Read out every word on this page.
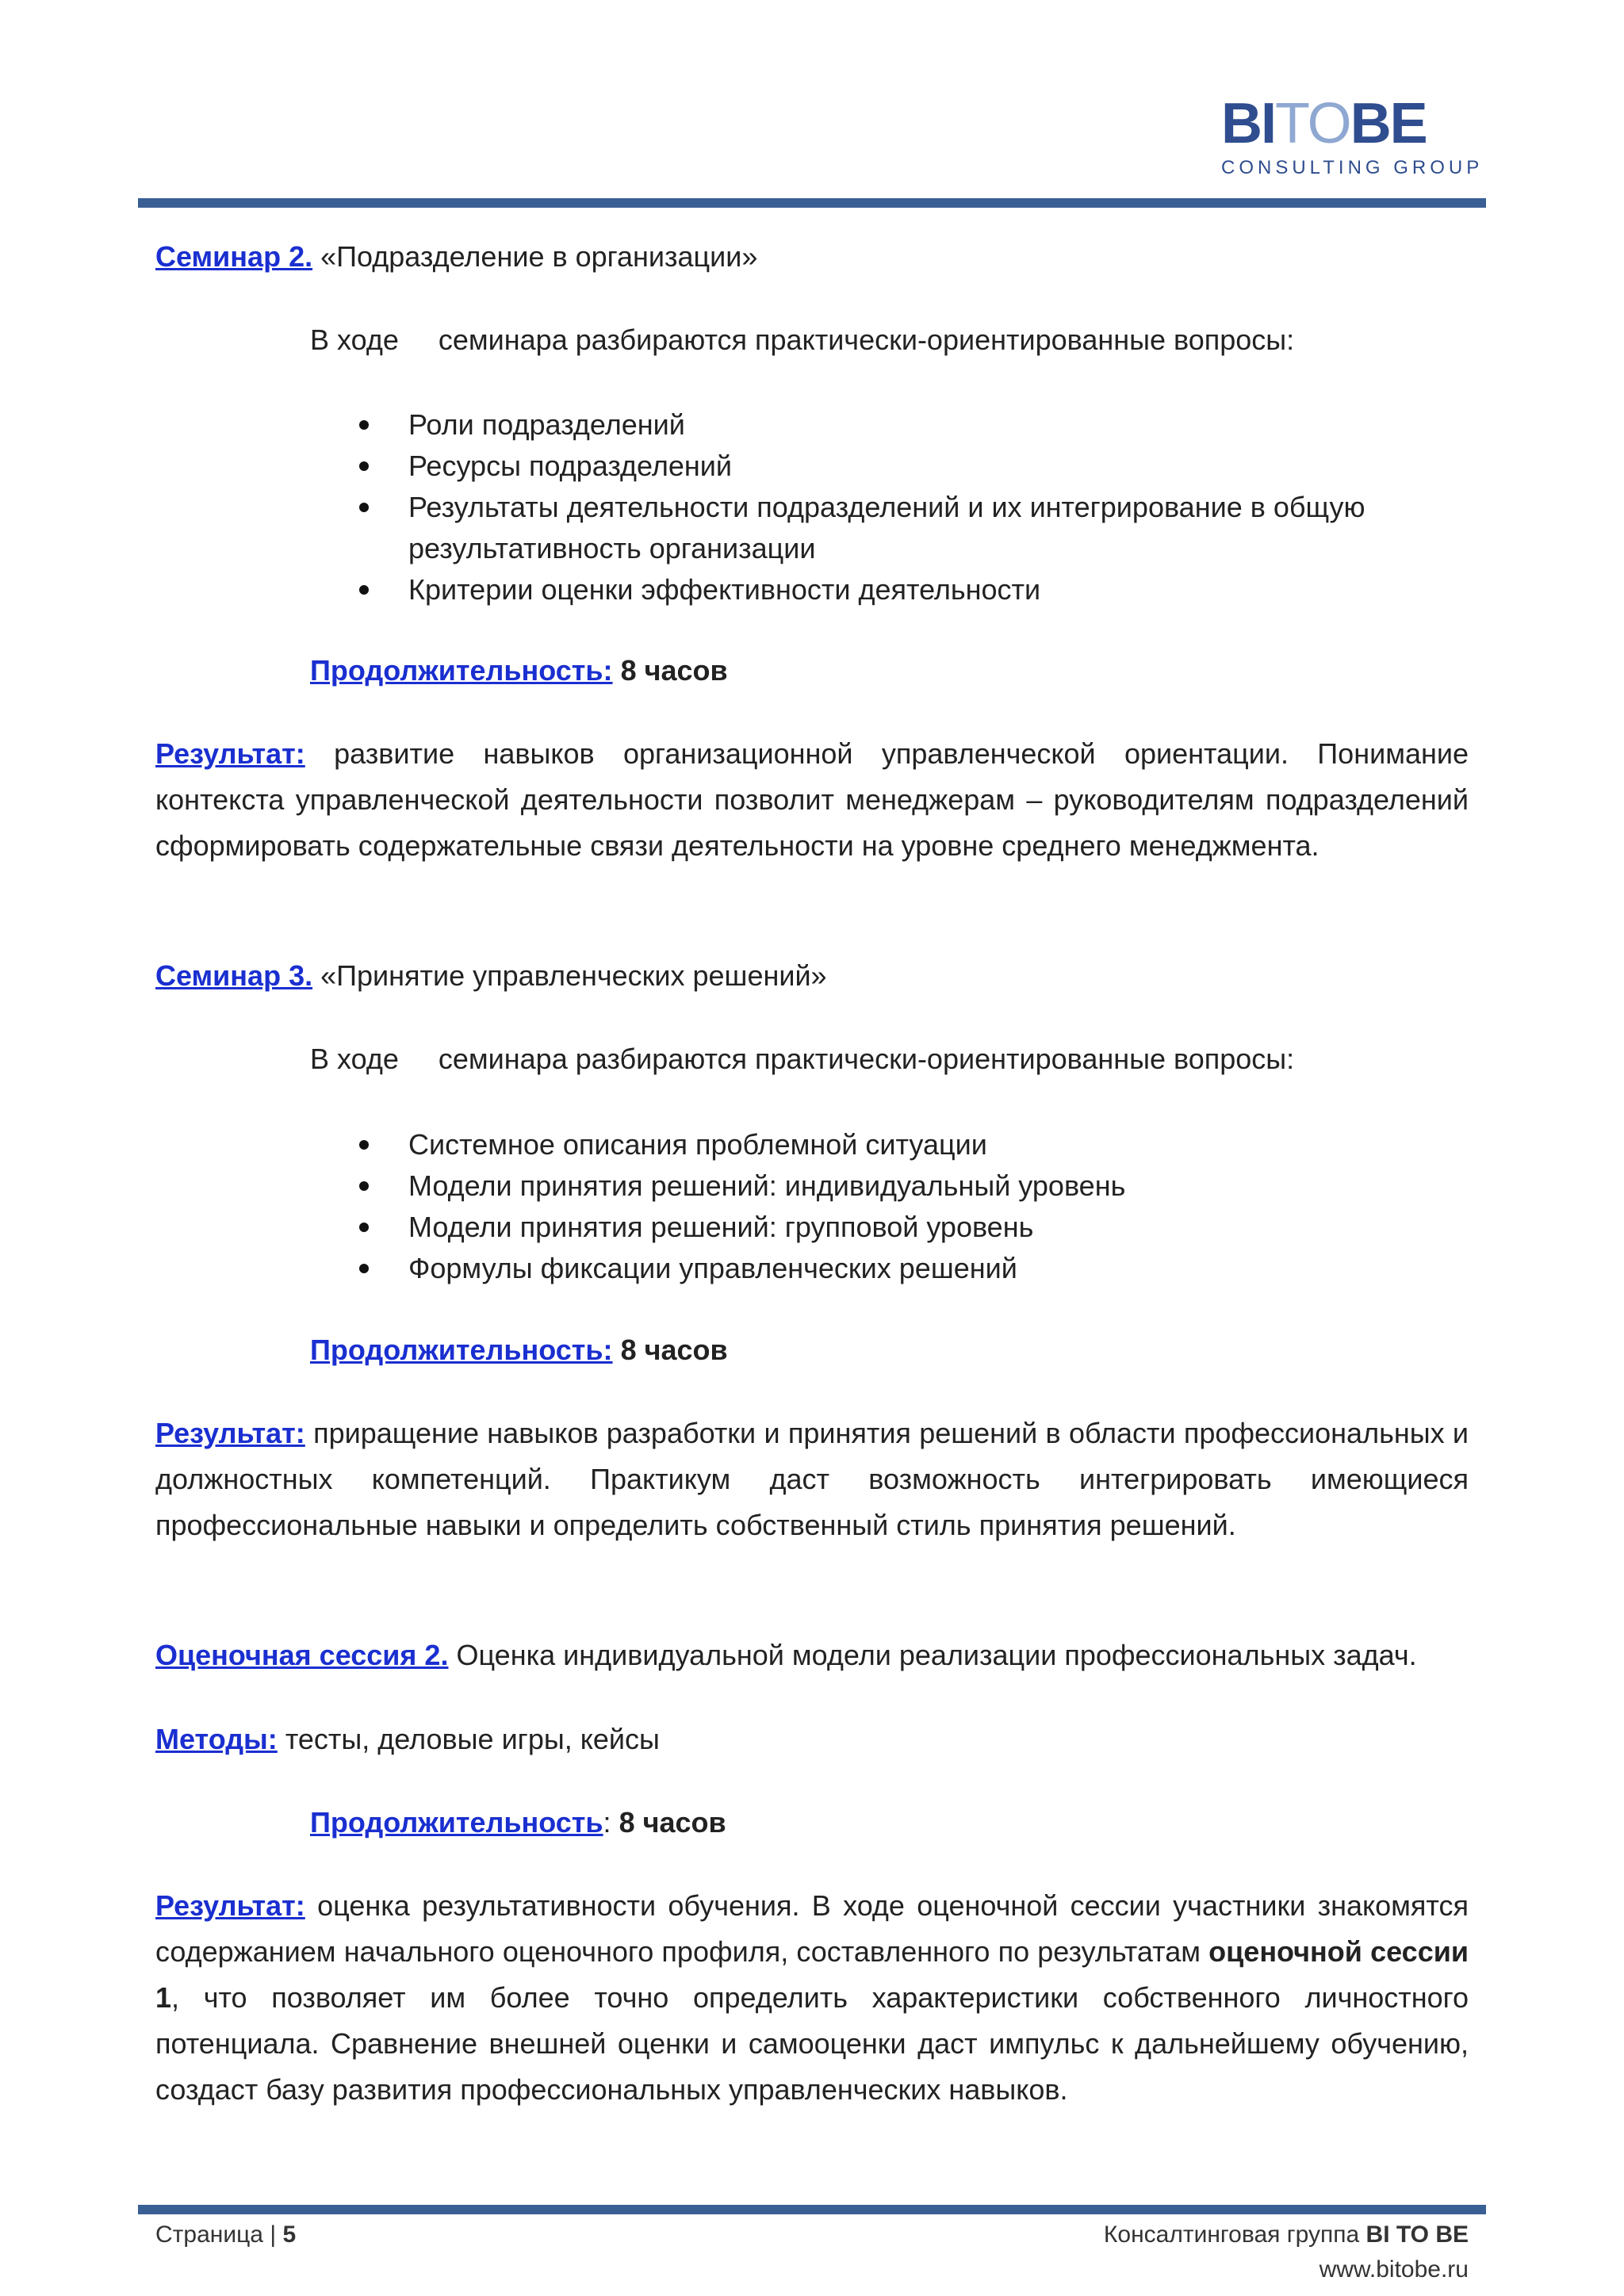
BITOBE
CONSULTING GROUP
Семинар 2. «Подразделение в организации»
В ходе семинара разбираются практически-ориентированные вопросы:
Роли подразделений
Ресурсы подразделений
Результаты деятельности подразделений и их интегрирование в общую результативность организации
Критерии оценки эффективности деятельности
Продолжительность: 8 часов
Результат: развитие навыков организационной управленческой ориентации. Понимание контекста управленческой деятельности позволит менеджерам – руководителям подразделений сформировать содержательные связи деятельности на уровне среднего менеджмента.
Семинар 3. «Принятие управленческих решений»
В ходе семинара разбираются практически-ориентированные вопросы:
Системное описания проблемной ситуации
Модели принятия решений: индивидуальный уровень
Модели принятия решений: групповой уровень
Формулы фиксации управленческих решений
Продолжительность: 8 часов
Результат: приращение навыков разработки и принятия решений в области профессиональных и должностных компетенций. Практикум даст возможность интегрировать имеющиеся профессиональные навыки и определить собственный стиль принятия решений.
Оценочная сессия 2. Оценка индивидуальной модели реализации профессиональных задач.
Методы: тесты, деловые игры, кейсы
Продолжительность: 8 часов
Результат: оценка результативности обучения. В ходе оценочной сессии участники знакомятся содержанием начального оценочного профиля, составленного по результатам оценочной сессии 1, что позволяет им более точно определить характеристики собственного личностного потенциала. Сравнение внешней оценки и самооценки даст импульс к дальнейшему обучению, создаст базу развития профессиональных управленческих навыков.
Страница | 5	Консалтинговая группа BI TO BE
www.bitobe.ru
